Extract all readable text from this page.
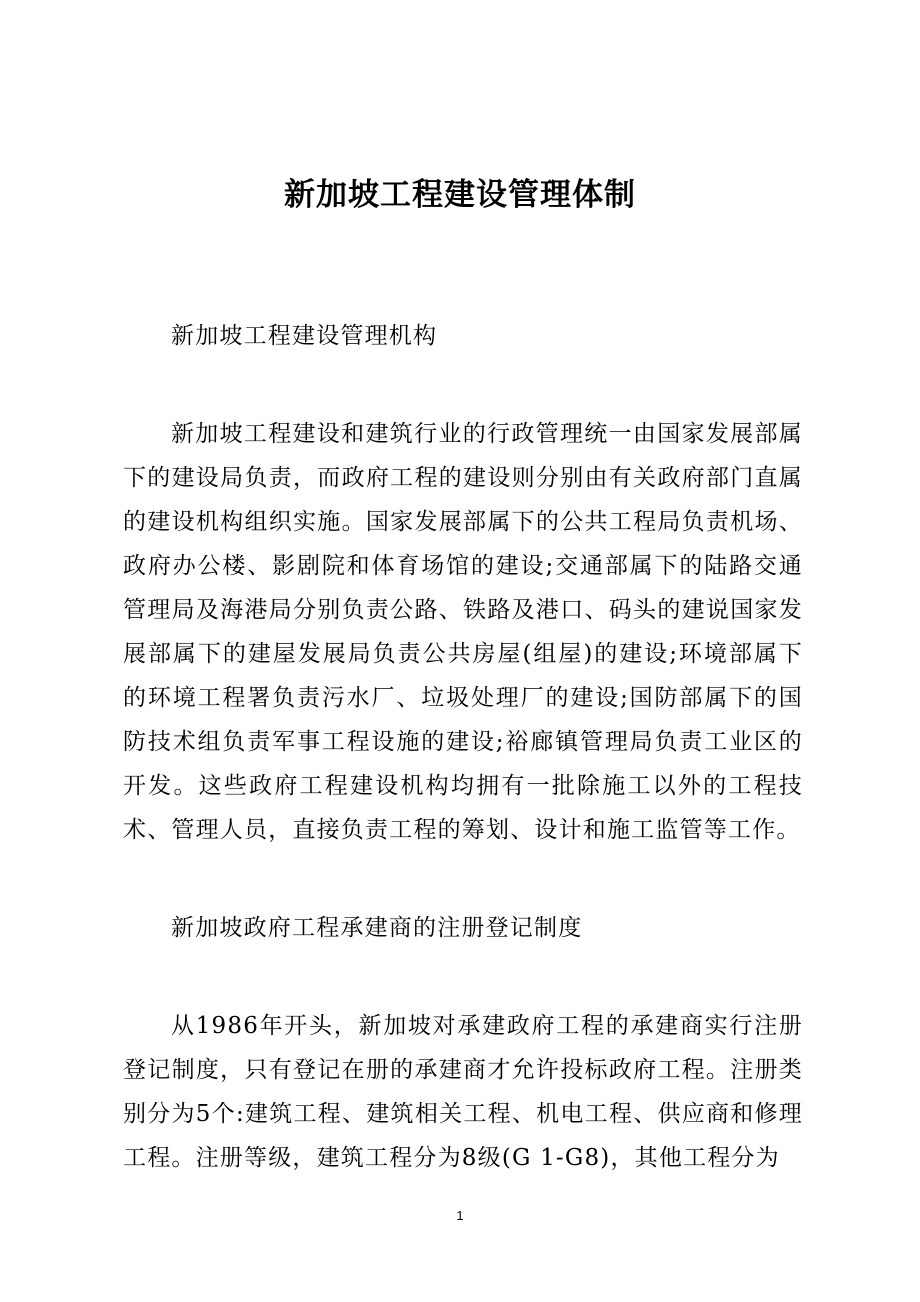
新加坡工程建设管理体制

新加坡工程建设管理机构

新加坡工程建设和建筑行业的行政管理统一由国家发展部属下的建设局负责，而政府工程的建设则分别由有关政府部门直属的建设机构组织实施。国家发展部属下的公共工程局负责机场、政府办公楼、影剧院和体育场馆的建设;交通部属下的陆路交通管理局及海港局分别负责公路、铁路及港口、码头的建说国家发展部属下的建屋发展局负责公共房屋(组屋)的建设;环境部属下的环境工程署负责污水厂、垃圾处理厂的建设;国防部属下的国防技术组负责军事工程设施的建设;裕廊镇管理局负责工业区的开发。这些政府工程建设机构均拥有一批除施工以外的工程技术、管理人员，直接负责工程的筹划、设计和施工监管等工作。

新加坡政府工程承建商的注册登记制度

从1986年开头，新加坡对承建政府工程的承建商实行注册登记制度，只有登记在册的承建商才允许投标政府工程。注册类别分为5个:建筑工程、建筑相关工程、机电工程、供应商和修理工程。注册等级，建筑工程分为8级(G 1-G8)，其他工程分为

1
